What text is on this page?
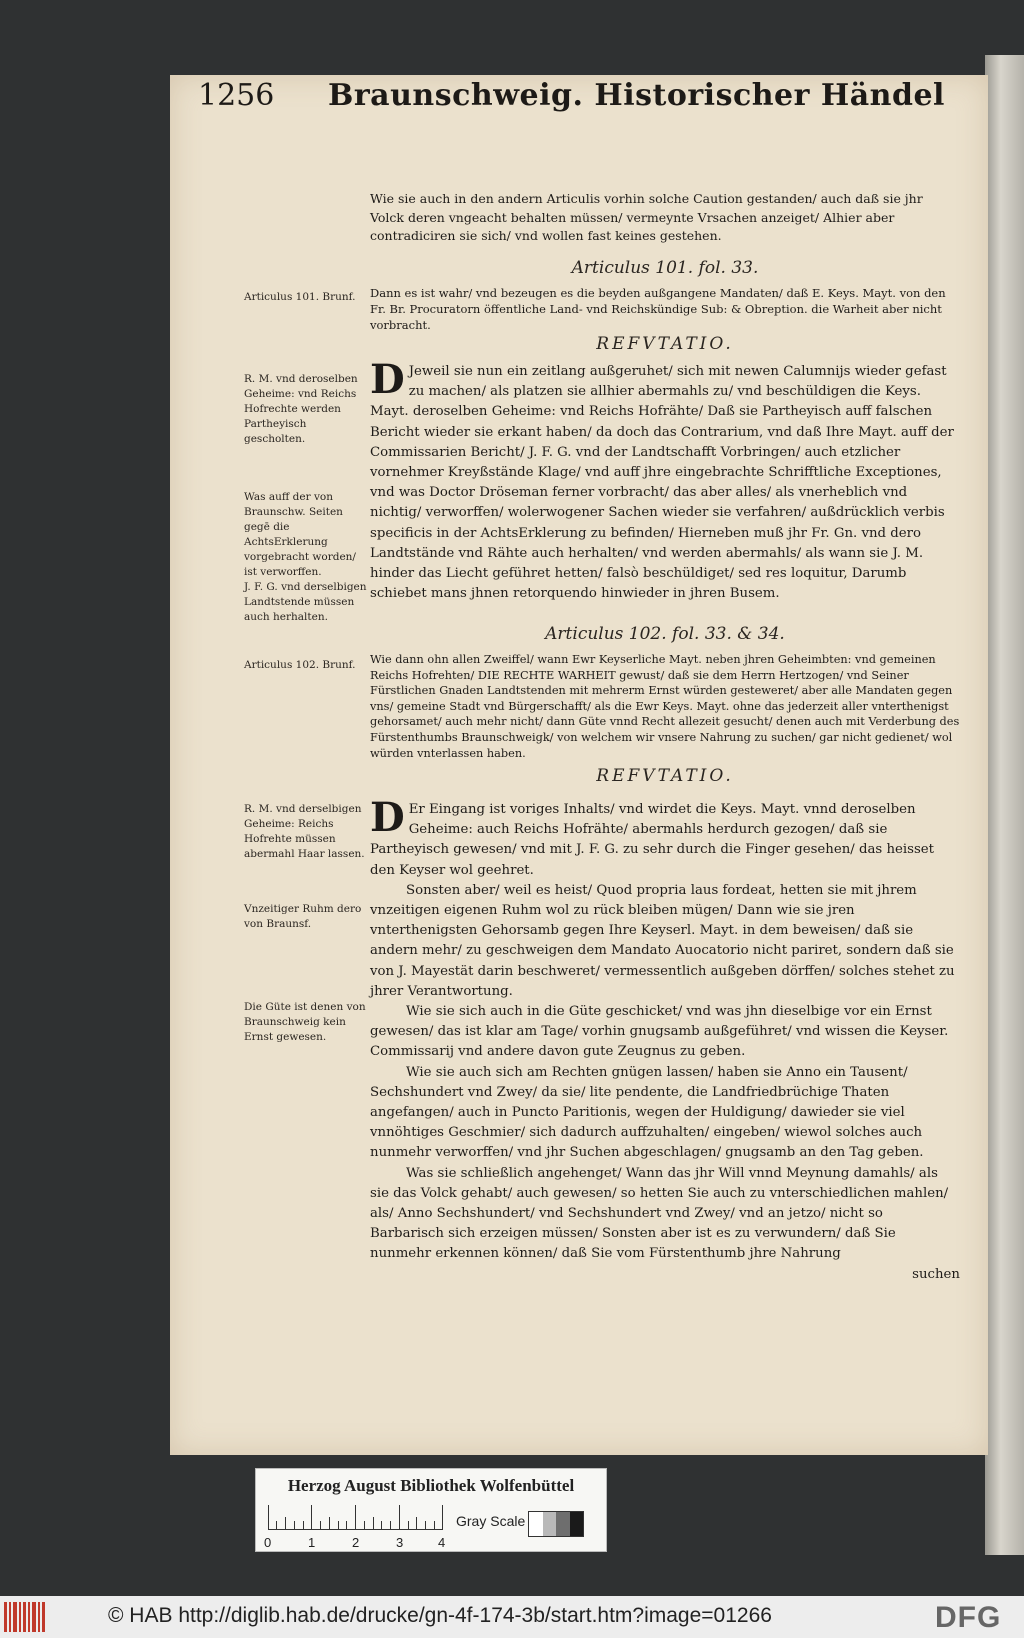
1256 Braunschweig. Historischer Händel

Wie sie auch in den andern Articulis vorhin solche Caution gestanden/ auch daß sie jhr Volck deren vngeacht behalten müssen/ vermeynte Vrsachen anzeiget/ Alhier aber contradiciren sie sich/ vnd wollen fast keines gestehen.

Articulus 101. fol. 33.
Articulus 101. Brunf.	Dann es ist wahr/ vnd bezeugen es die beyden außgangene Mandaten/ daß E. Keys. Mayt. von den Fr. Br. Procuratorn öffentliche Land- vnd Reichskündige Sub: & Obreption. die Warheit aber nicht vorbracht.

REFVTATIO.
R. M. vnd deroselben Geheime: vnd Reichs Hofrechte werden Partheyisch gescholten.
Was auff der von Braunschw. Seiten gegē die AchtsErklerung vorgebracht worden/ ist verworffen.
J. F. G. vnd derselbigen Landtstende müssen auch herhalten.
D Jeweil sie nun ein zeitlang außgeruhet/ sich mit newen Calumnijs wieder gefast zu machen/ als platzen sie allhier abermahls zu/ vnd beschüldigen die Keys. Mayt. deroselben Geheime: vnd Reichs Hofrähte/ Daß sie Partheyisch auff falschen Bericht wieder sie erkant haben/ da doch das Contrarium, vnd daß Ihre Mayt. auff der Commissarien Bericht/ J. F. G. vnd der Landtschafft Vorbringen/ auch etzlicher vornehmer Kreyßstände Klage/ vnd auff jhre eingebrachte Schrifftliche Exceptiones, vnd was Doctor Dröseman ferner vorbracht/ das aber alles/ als vnerheblich vnd nichtig/ verworffen/ wolerwogener Sachen wieder sie verfahren/ außdrücklich verbis specificis in der AchtsErklerung zu befinden/ Hierneben muß jhr Fr. Gn. vnd dero Landtstände vnd Rähte auch herhalten/ vnd werden abermahls/ als wann sie J. M. hinder das Liecht geführet hetten/ falsò beschüldiget/ sed res loquitur, Darumb schiebet mans jhnen retorquendo hinwieder in jhren Busem.

Articulus 102. fol. 33. & 34.
Articulus 102. Brunf.	Wie dann ohn allen Zweiffel/ wann Ewr Keyserliche Mayt. neben jhren Geheimbten: vnd gemeinen Reichs Hofrehten/ DIE RECHTE WARHEIT gewust/ daß sie dem Herrn Hertzogen/ vnd Seiner Fürstlichen Gnaden Landtstenden mit mehrerm Ernst würden gesteweret/ aber alle Mandaten gegen vns/ gemeine Stadt vnd Bürgerschafft/ als die Ewr Keys. Mayt. ohne das jederzeit aller vnterthenigst gehorsamet/ auch mehr nicht/ dann Güte vnnd Recht allezeit gesucht/ denen auch mit Verderbung des Fürstenthumbs Braunschweigk/ von welchem wir vnsere Nahrung zu suchen/ gar nicht gedienet/ wol würden vnterlassen haben.

REFVTATIO.
R. M. vnd derselbigen Geheime: Reichs Hofrehte müssen abermahl Haar lassen.
Vnzeitiger Ruhm dero von Braunsf.
Die Güte ist denen von Braunschweig kein Ernst gewesen.
D Er Eingang ist voriges Inhalts/ vnd wirdet die Keys. Mayt. vnnd deroselben Geheime: auch Reichs Hofrähte/ abermahls herdurch gezogen/ daß sie Partheyisch gewesen/ vnd mit J. F. G. zu sehr durch die Finger gesehen/ das heisset den Keyser wol geehret.

Sonsten aber/ weil es heist/ Quod propria laus fordeat, hetten sie mit jhrem vnzeitigen eigenen Ruhm wol zu rück bleiben mügen/ Dann wie sie jren vnterthenigsten Gehorsamb gegen Ihre Keyserl. Mayt. in dem beweisen/ daß sie andern mehr/ zu geschweigen dem Mandato Auocatorio nicht pariret, sondern daß sie von J. Mayestät darin beschweret/ vermessentlich außgeben dörffen/ solches stehet zu jhrer Verantwortung.

Wie sie sich auch in die Güte geschicket/ vnd was jhn dieselbige vor ein Ernst gewesen/ das ist klar am Tage/ vorhin gnugsamb außgeführet/ vnd wissen die Keyser. Commissarij vnd andere davon gute Zeugnus zu geben.

Wie sie auch sich am Rechten gnügen lassen/ haben sie Anno ein Tausent/ Sechshundert vnd Zwey/ da sie/ lite pendente, die Landfriedbrüchige Thaten angefangen/ auch in Puncto Paritionis, wegen der Huldigung/ dawieder sie viel vnnöhtiges Geschmier/ sich dadurch auffzuhalten/ eingeben/ wiewol solches auch nunmehr verworffen/ vnd jhr Suchen abgeschlagen/ gnugsamb an den Tag geben.

Was sie schließlich angehenget/ Wann das jhr Will vnnd Meynung damahls/ als sie das Volck gehabt/ auch gewesen/ so hetten Sie auch zu vnterschiedlichen mahlen/ als/ Anno Sechshundert/ vnd Sechshundert vnd Zwey/ vnd an jetzo/ nicht so Barbarisch sich erzeigen müssen/ Sonsten aber ist es zu verwundern/ daß Sie nunmehr erkennen können/ daß Sie vom Fürstenthumb jhre Nahrung

suchen

Herzog August Bibliothek Wolfenbüttel
0	1	2	3	4
Gray Scale
© HAB http://diglib.hab.de/drucke/gn-4f-174-3b/start.htm?image=01266	DFG
